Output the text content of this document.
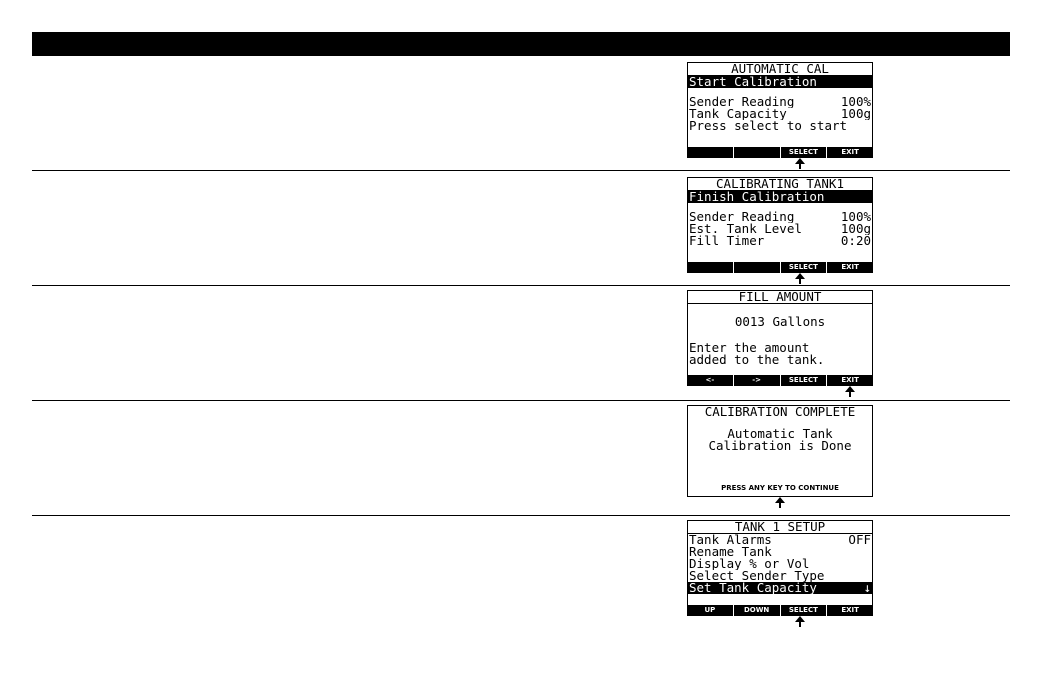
AUTOMATIC CAL
Start Calibration
Sender Reading	100%
Tank Capacity	100g
Press select to start
SELECT	EXIT
CALIBRATING TANK1
Finish Calibration
Sender Reading	100%
Est. Tank Level	100g
Fill Timer	0:20
SELECT	EXIT
FILL AMOUNT
0013 Gallons
Enter the amount
added to the tank.
<-	->	SELECT	EXIT
CALIBRATION COMPLETE
Automatic Tank
Calibration is Done
PRESS ANY KEY TO CONTINUE
TANK 1 SETUP
Tank Alarms	OFF
Rename Tank
Display % or Vol
Select Sender Type
Set Tank Capacity	↓
UP	DOWN	SELECT	EXIT
